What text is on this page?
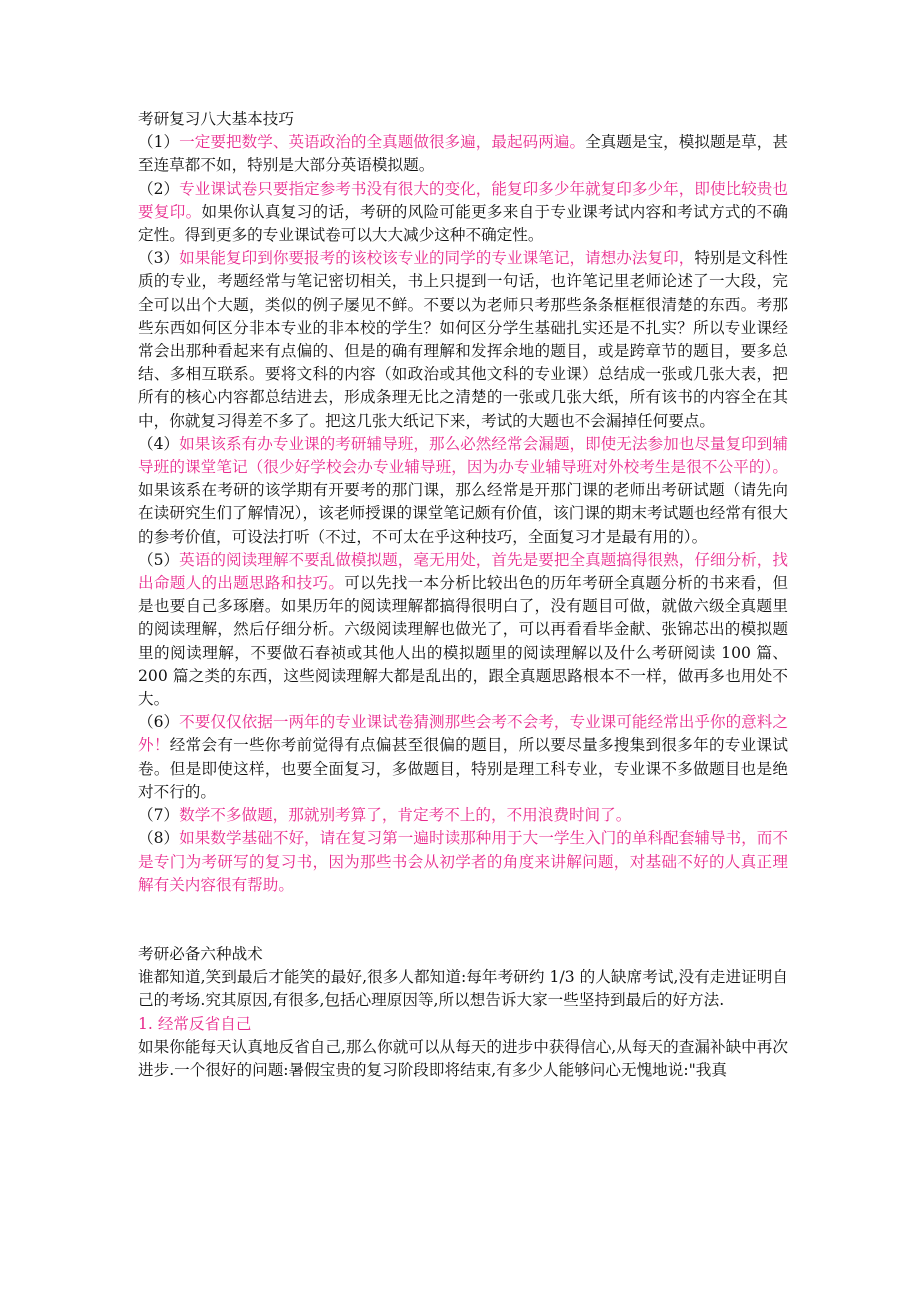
考研复习八大基本技巧

（1）一定要把数学、英语政治的全真题做很多遍，最起码两遍。全真题是宝，模拟题是草，甚至连草都不如，特别是大部分英语模拟题。

（2）专业课试卷只要指定参考书没有很大的变化，能复印多少年就复印多少年，即使比较贵也要复印。如果你认真复习的话，考研的风险可能更多来自于专业课考试内容和考试方式的不确定性。得到更多的专业课试卷可以大大减少这种不确定性。

（3）如果能复印到你要报考的该校该专业的同学的专业课笔记，请想办法复印，特别是文科性质的专业，考题经常与笔记密切相关，书上只提到一句话，也许笔记里老师论述了一大段，完全可以出个大题，类似的例子屡见不鲜。不要以为老师只考那些条条框框很清楚的东西。考那些东西如何区分非本专业的非本校的学生？如何区分学生基础扎实还是不扎实？所以专业课经常会出那种看起来有点偏的、但是的确有理解和发挥余地的题目，或是跨章节的题目，要多总结、多相互联系。要将文科的内容（如政治或其他文科的专业课）总结成一张或几张大表，把所有的核心内容都总结进去，形成条理无比之清楚的一张或几张大纸，所有该书的内容全在其中，你就复习得差不多了。把这几张大纸记下来，考试的大题也不会漏掉任何要点。

（4）如果该系有办专业课的考研辅导班，那么必然经常会漏题，即使无法参加也尽量复印到辅导班的课堂笔记（很少好学校会办专业辅导班，因为办专业辅导班对外校考生是很不公平的）。如果该系在考研的该学期有开要考的那门课，那么经常是开那门课的老师出考研试题（请先向在读研究生们了解情况），该老师授课的课堂笔记颇有价值，该门课的期末考试题也经常有很大的参考价值，可设法打听（不过，不可太在乎这种技巧，全面复习才是最有用的）。

（5）英语的阅读理解不要乱做模拟题，毫无用处，首先是要把全真题搞得很熟，仔细分析，找出命题人的出题思路和技巧。可以先找一本分析比较出色的历年考研全真题分析的书来看，但是也要自己多琢磨。如果历年的阅读理解都搞得很明白了，没有题目可做，就做六级全真题里的阅读理解，然后仔细分析。六级阅读理解也做光了，可以再看看毕金献、张锦芯出的模拟题里的阅读理解，不要做石春祯或其他人出的模拟题里的阅读理解以及什么考研阅读 100 篇、200 篇之类的东西，这些阅读理解大都是乱出的，跟全真题思路根本不一样，做再多也用处不大。

（6）不要仅仅依据一两年的专业课试卷猜测那些会考不会考，专业课可能经常出乎你的意料之外！经常会有一些你考前觉得有点偏甚至很偏的题目，所以要尽量多搜集到很多年的专业课试卷。但是即使这样，也要全面复习，多做题目，特别是理工科专业，专业课不多做题目也是绝对不行的。

（7）数学不多做题，那就别考算了，肯定考不上的，不用浪费时间了。

（8）如果数学基础不好，请在复习第一遍时读那种用于大一学生入门的单科配套辅导书，而不是专门为考研写的复习书，因为那些书会从初学者的角度来讲解问题，对基础不好的人真正理解有关内容很有帮助。

考研必备六种战术

谁都知道,笑到最后才能笑的最好,很多人都知道:每年考研约 1/3 的人缺席考试,没有走进证明自己的考场.究其原因,有很多,包括心理原因等,所以想告诉大家一些坚持到最后的好方法.

1. 经常反省自己

如果你能每天认真地反省自己,那么你就可以从每天的进步中获得信心,从每天的查漏补缺中再次进步.一个很好的问题:暑假宝贵的复习阶段即将结束,有多少人能够问心无愧地说:"我真
